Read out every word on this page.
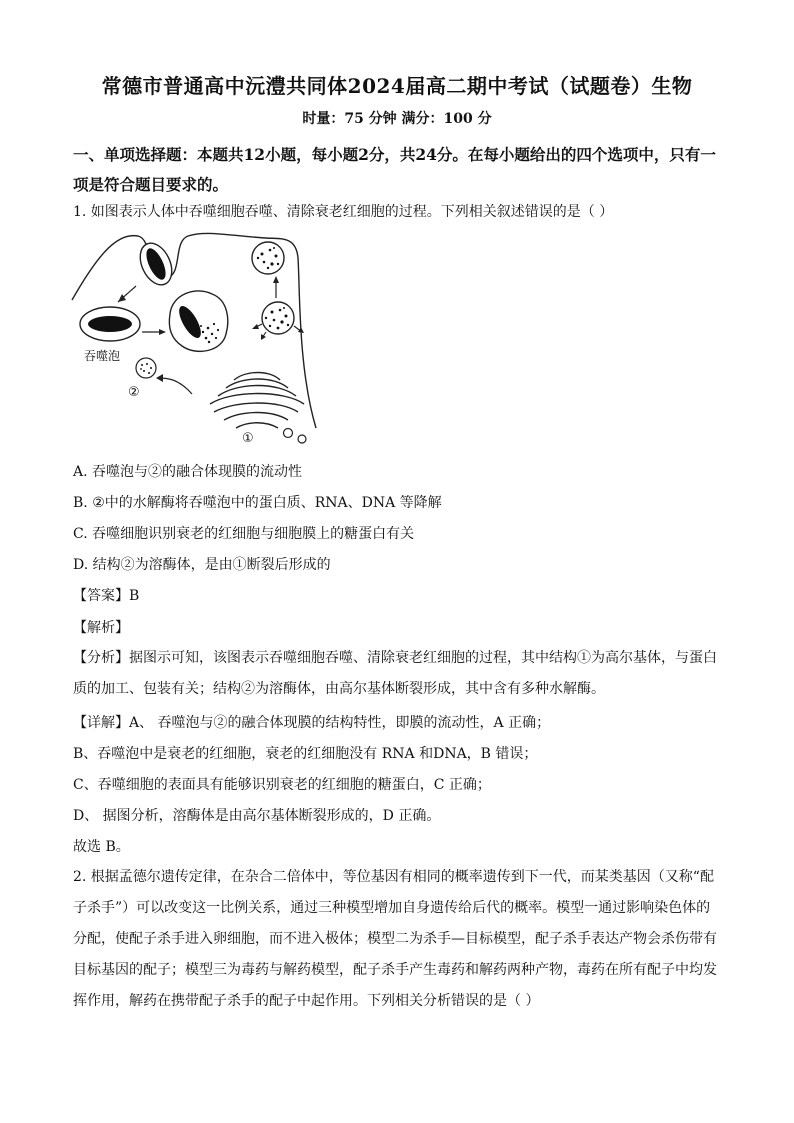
常德市普通高中沅澧共同体2024届高二期中考试（试题卷）生物
时量：75 分钟 满分：100 分
一、单项选择题：本题共12小题，每小题2分，共24分。在每小题给出的四个选项中，只有一项是符合题目要求的。
1. 如图表示人体中吞噬细胞吞噬、清除衰老红细胞的过程。下列相关叙述错误的是（ ）
吞噬泡
②
①
A. 吞噬泡与②的融合体现膜的流动性
B. ②中的水解酶将吞噬泡中的蛋白质、RNA、DNA 等降解
C. 吞噬细胞识别衰老的红细胞与细胞膜上的糖蛋白有关
D. 结构②为溶酶体，是由①断裂后形成的
【答案】B
【解析】
【分析】据图示可知，该图表示吞噬细胞吞噬、清除衰老红细胞的过程，其中结构①为高尔基体，与蛋白质的加工、包装有关；结构②为溶酶体，由高尔基体断裂形成，其中含有多种水解酶。
【详解】A、 吞噬泡与②的融合体现膜的结构特性，即膜的流动性，A 正确；
B、吞噬泡中是衰老的红细胞，衰老的红细胞没有 RNA 和DNA，B 错误；
C、吞噬细胞的表面具有能够识别衰老的红细胞的糖蛋白，C 正确；
D、 据图分析，溶酶体是由高尔基体断裂形成的，D 正确。
故选 B。
2. 根据孟德尔遗传定律，在杂合二倍体中，等位基因有相同的概率遗传到下一代，而某类基因（又称“配子杀手”）可以改变这一比例关系，通过三种模型增加自身遗传给后代的概率。模型一通过影响染色体的分配，使配子杀手进入卵细胞，而不进入极体；模型二为杀手—目标模型，配子杀手表达产物会杀伤带有目标基因的配子；模型三为毒药与解药模型，配子杀手产生毒药和解药两种产物，毒药在所有配子中均发挥作用，解药在携带配子杀手的配子中起作用。下列相关分析错误的是（ ）
